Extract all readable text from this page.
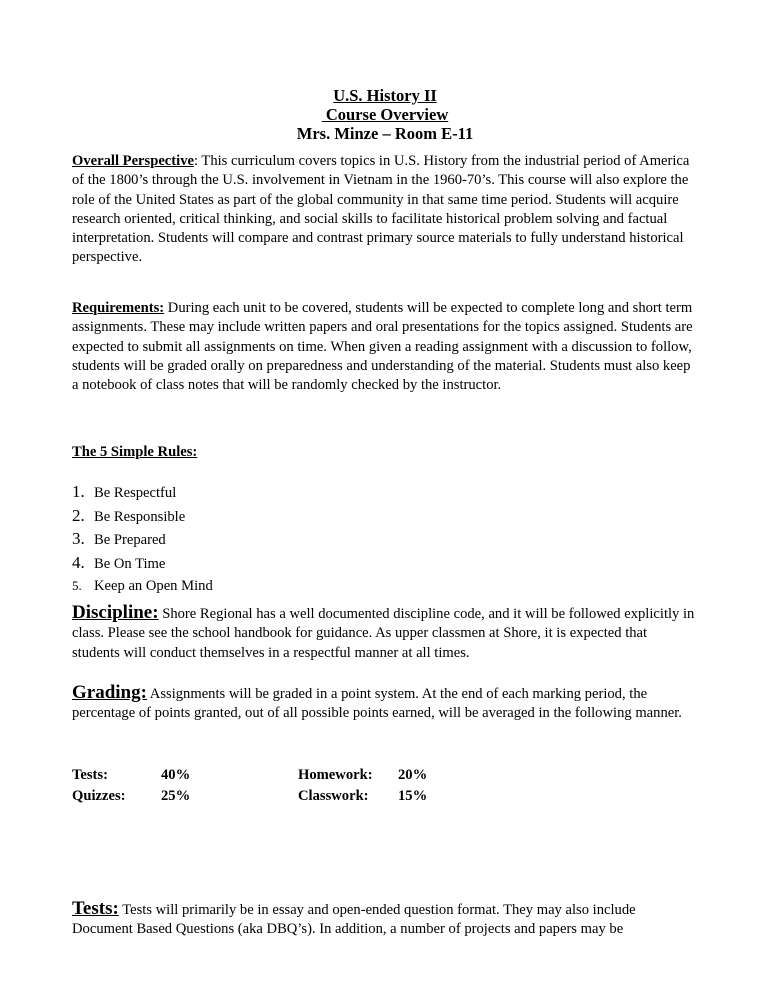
U.S. History II
Course Overview
Mrs. Minze – Room E-11
Overall Perspective: This curriculum covers topics in U.S. History from the industrial period of America of the 1800’s through the U.S. involvement in Vietnam in the 1960-70’s. This course will also explore the role of the United States as part of the global community in that same time period. Students will acquire research oriented, critical thinking, and social skills to facilitate historical problem solving and factual interpretation. Students will compare and contrast primary source materials to fully understand historical perspective.
Requirements: During each unit to be covered, students will be expected to complete long and short term assignments. These may include written papers and oral presentations for the topics assigned. Students are expected to submit all assignments on time. When given a reading assignment with a discussion to follow, students will be graded orally on preparedness and understanding of the material. Students must also keep a notebook of class notes that will be randomly checked by the instructor.
The 5 Simple Rules:
1. Be Respectful
2. Be Responsible
3. Be Prepared
4. Be On Time
5. Keep an Open Mind
Discipline: Shore Regional has a well documented discipline code, and it will be followed explicitly in class. Please see the school handbook for guidance. As upper classmen at Shore, it is expected that students will conduct themselves in a respectful manner at all times.
Grading: Assignments will be graded in a point system. At the end of each marking period, the percentage of points granted, out of all possible points earned, will be averaged in the following manner.
Tests:	40%	Homework:	20%
Quizzes:	25%	Classwork:	15%
Tests: Tests will primarily be in essay and open-ended question format. They may also include Document Based Questions (aka DBQ’s). In addition, a number of projects and papers may be
